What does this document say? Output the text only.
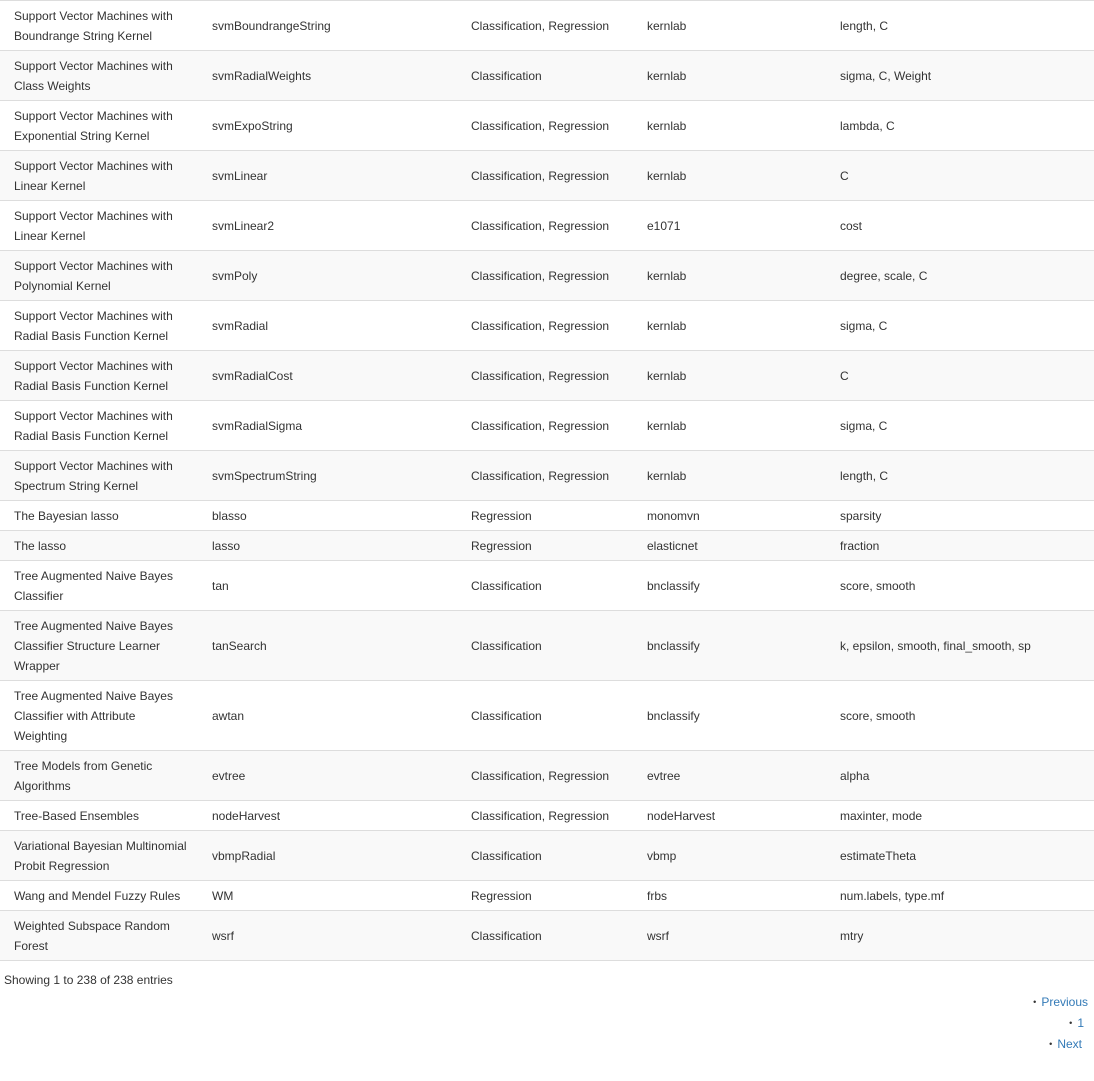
Support Vector Machines with Boundrange String Kernel	svmBoundrangeString	Classification, Regression	kernlab	length, C
Support Vector Machines with Class Weights	svmRadialWeights	Classification	kernlab	sigma, C, Weight
Support Vector Machines with Exponential String Kernel	svmExpoString	Classification, Regression	kernlab	lambda, C
Support Vector Machines with Linear Kernel	svmLinear	Classification, Regression	kernlab	C
Support Vector Machines with Linear Kernel	svmLinear2	Classification, Regression	e1071	cost
Support Vector Machines with Polynomial Kernel	svmPoly	Classification, Regression	kernlab	degree, scale, C
Support Vector Machines with Radial Basis Function Kernel	svmRadial	Classification, Regression	kernlab	sigma, C
Support Vector Machines with Radial Basis Function Kernel	svmRadialCost	Classification, Regression	kernlab	C
Support Vector Machines with Radial Basis Function Kernel	svmRadialSigma	Classification, Regression	kernlab	sigma, C
Support Vector Machines with Spectrum String Kernel	svmSpectrumString	Classification, Regression	kernlab	length, C
The Bayesian lasso	blasso	Regression	monomvn	sparsity
The lasso	lasso	Regression	elasticnet	fraction
Tree Augmented Naive Bayes Classifier	tan	Classification	bnclassify	score, smooth
Tree Augmented Naive Bayes Classifier Structure Learner Wrapper	tanSearch	Classification	bnclassify	k, epsilon, smooth, final_smooth, sp
Tree Augmented Naive Bayes Classifier with Attribute Weighting	awtan	Classification	bnclassify	score, smooth
Tree Models from Genetic Algorithms	evtree	Classification, Regression	evtree	alpha
Tree-Based Ensembles	nodeHarvest	Classification, Regression	nodeHarvest	maxinter, mode
Variational Bayesian Multinomial Probit Regression	vbmpRadial	Classification	vbmp	estimateTheta
Wang and Mendel Fuzzy Rules	WM	Regression	frbs	num.labels, type.mf
Weighted Subspace Random Forest	wsrf	Classification	wsrf	mtry
Showing 1 to 238 of 238 entries
• Previous
• 1
• Next
